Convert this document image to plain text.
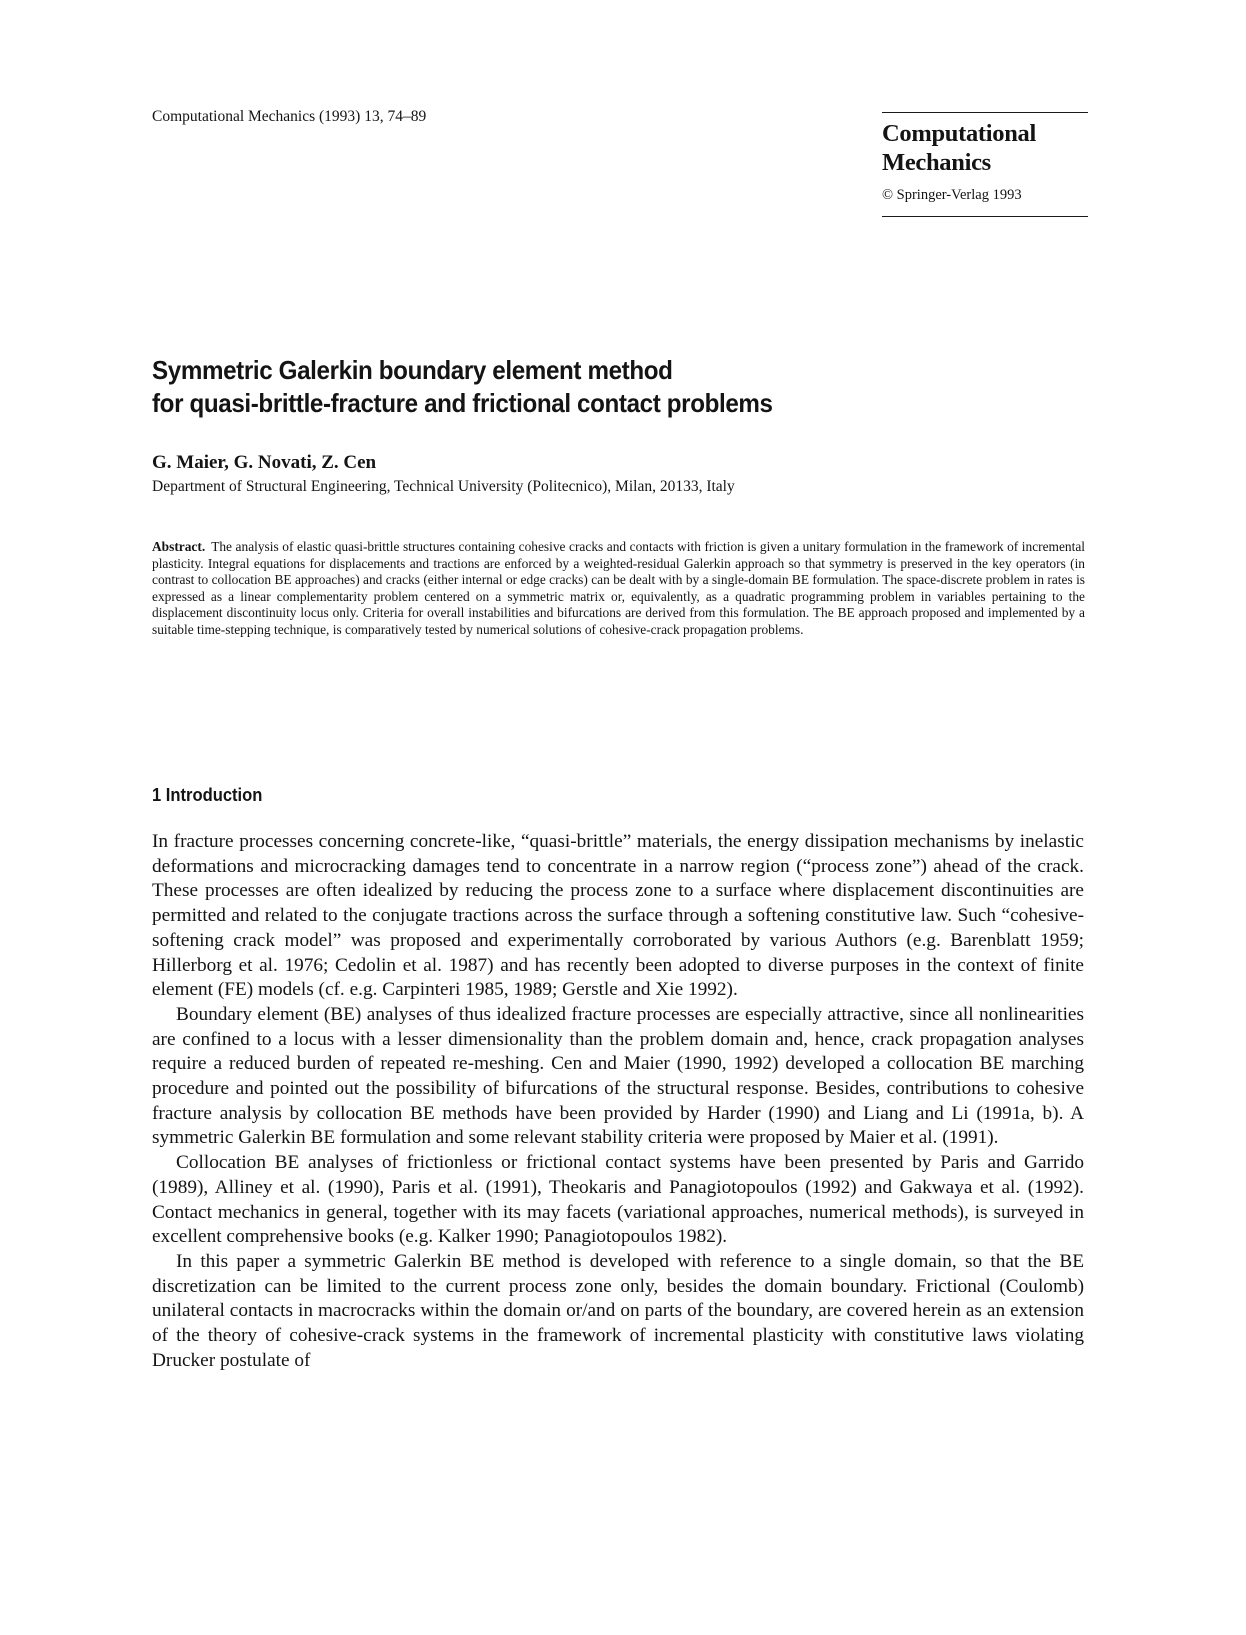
Computational Mechanics (1993) 13, 74–89
Computational
Mechanics
© Springer-Verlag 1993
Symmetric Galerkin boundary element method
for quasi-brittle-fracture and frictional contact problems
G. Maier, G. Novati, Z. Cen
Department of Structural Engineering, Technical University (Politecnico), Milan, 20133, Italy
Abstract. The analysis of elastic quasi-brittle structures containing cohesive cracks and contacts with friction is given a unitary formulation in the framework of incremental plasticity. Integral equations for displacements and tractions are enforced by a weighted-residual Galerkin approach so that symmetry is preserved in the key operators (in contrast to collocation BE approaches) and cracks (either internal or edge cracks) can be dealt with by a single-domain BE formulation. The space-discrete problem in rates is expressed as a linear complementarity problem centered on a symmetric matrix or, equivalently, as a quadratic programming problem in variables pertaining to the displacement discontinuity locus only. Criteria for overall instabilities and bifurcations are derived from this formulation. The BE approach proposed and implemented by a suitable time-stepping technique, is comparatively tested by numerical solutions of cohesive-crack propagation problems.
1 Introduction

In fracture processes concerning concrete-like, “quasi-brittle” materials, the energy dissipation mechanisms by inelastic deformations and microcracking damages tend to concentrate in a narrow region (“process zone”) ahead of the crack. These processes are often idealized by reducing the process zone to a surface where displacement discontinuities are permitted and related to the conjugate tractions across the surface through a softening constitutive law. Such “cohesive-softening crack model” was proposed and experimentally corroborated by various Authors (e.g. Barenblatt 1959; Hillerborg et al. 1976; Cedolin et al. 1987) and has recently been adopted to diverse purposes in the context of finite element (FE) models (cf. e.g. Carpinteri 1985, 1989; Gerstle and Xie 1992).

Boundary element (BE) analyses of thus idealized fracture processes are especially attractive, since all nonlinearities are confined to a locus with a lesser dimensionality than the problem domain and, hence, crack propagation analyses require a reduced burden of repeated re-meshing. Cen and Maier (1990, 1992) developed a collocation BE marching procedure and pointed out the possibility of bifurcations of the structural response. Besides, contributions to cohesive fracture analysis by collocation BE methods have been provided by Harder (1990) and Liang and Li (1991a, b). A symmetric Galerkin BE formulation and some relevant stability criteria were proposed by Maier et al. (1991).

Collocation BE analyses of frictionless or frictional contact systems have been presented by Paris and Garrido (1989), Alliney et al. (1990), Paris et al. (1991), Theokaris and Panagiotopoulos (1992) and Gakwaya et al. (1992). Contact mechanics in general, together with its may facets (variational approaches, numerical methods), is surveyed in excellent comprehensive books (e.g. Kalker 1990; Panagiotopoulos 1982).

In this paper a symmetric Galerkin BE method is developed with reference to a single domain, so that the BE discretization can be limited to the current process zone only, besides the domain boundary. Frictional (Coulomb) unilateral contacts in macrocracks within the domain or/and on parts of the boundary, are covered herein as an extension of the theory of cohesive-crack systems in the framework of incremental plasticity with constitutive laws violating Drucker postulate of
